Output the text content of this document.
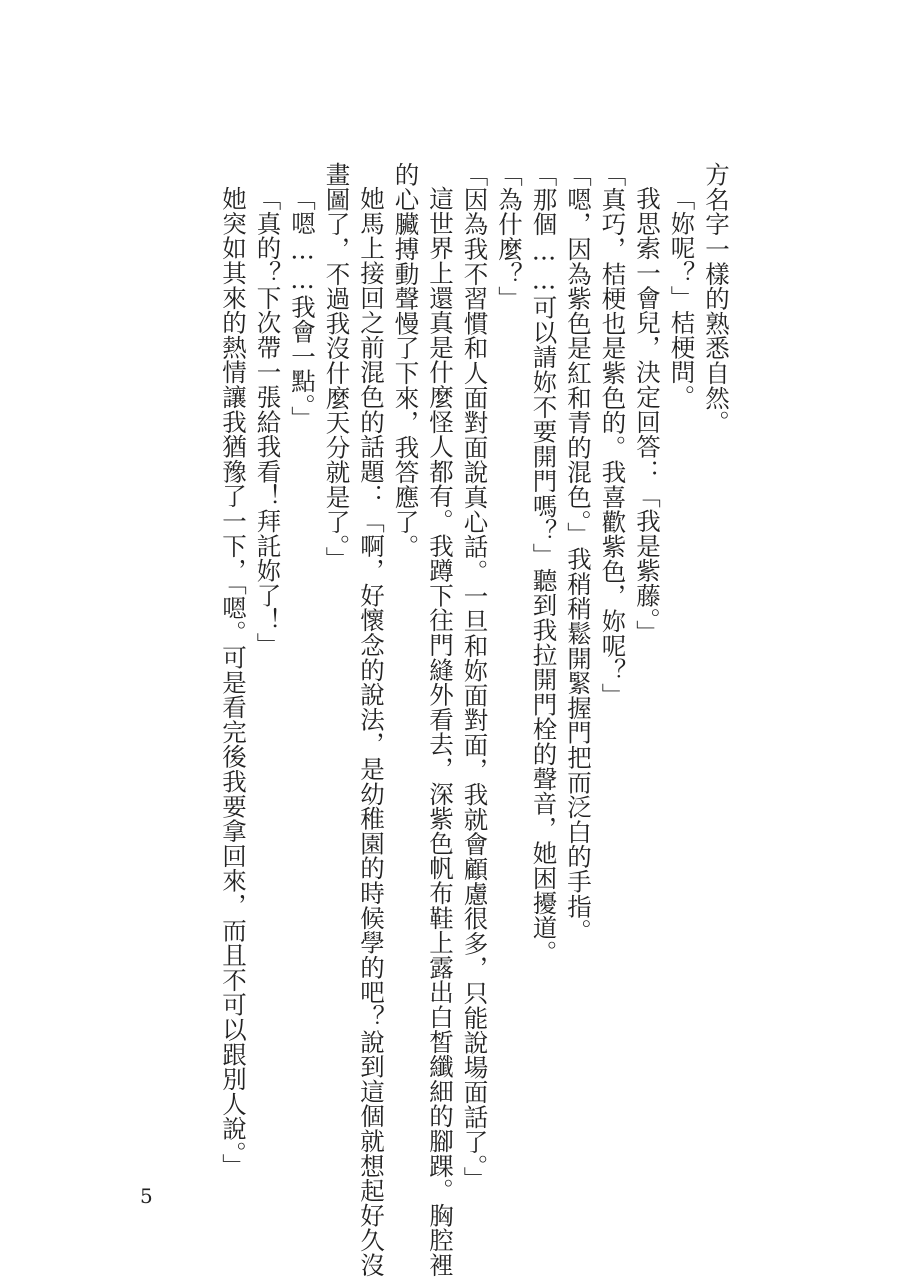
方名字一樣的熟悉自然。

「妳呢？」桔梗問。

我思索一會兒，決定回答：「我是紫藤。」

「真巧，桔梗也是紫色的。我喜歡紫色，妳呢？」

「嗯，因為紫色是紅和青的混色。」我稍稍鬆開緊握門把而泛白的手指。

「那個……可以請妳不要開門嗎？」聽到我拉開門栓的聲音，她困擾道。

「為什麼？」

「因為我不習慣和人面對面說真心話。一旦和妳面對面，我就會顧慮很多，只能說場面話了。」

這世界上還真是什麼怪人都有。我蹲下往門縫外看去，深紫色帆布鞋上露出白皙纖細的腳踝。胸腔裡

的心臟搏動聲慢了下來，我答應了。

她馬上接回之前混色的話題：「啊，好懷念的說法，是幼稚園的時候學的吧？說到這個就想起好久沒

畫圖了，不過我沒什麼天分就是了。」

「嗯……我會一點。」

「真的？下次帶一張給我看！拜託妳了！」

她突如其來的熱情讓我猶豫了一下，「嗯。可是看完後我要拿回來，而且不可以跟別人說。」

5
